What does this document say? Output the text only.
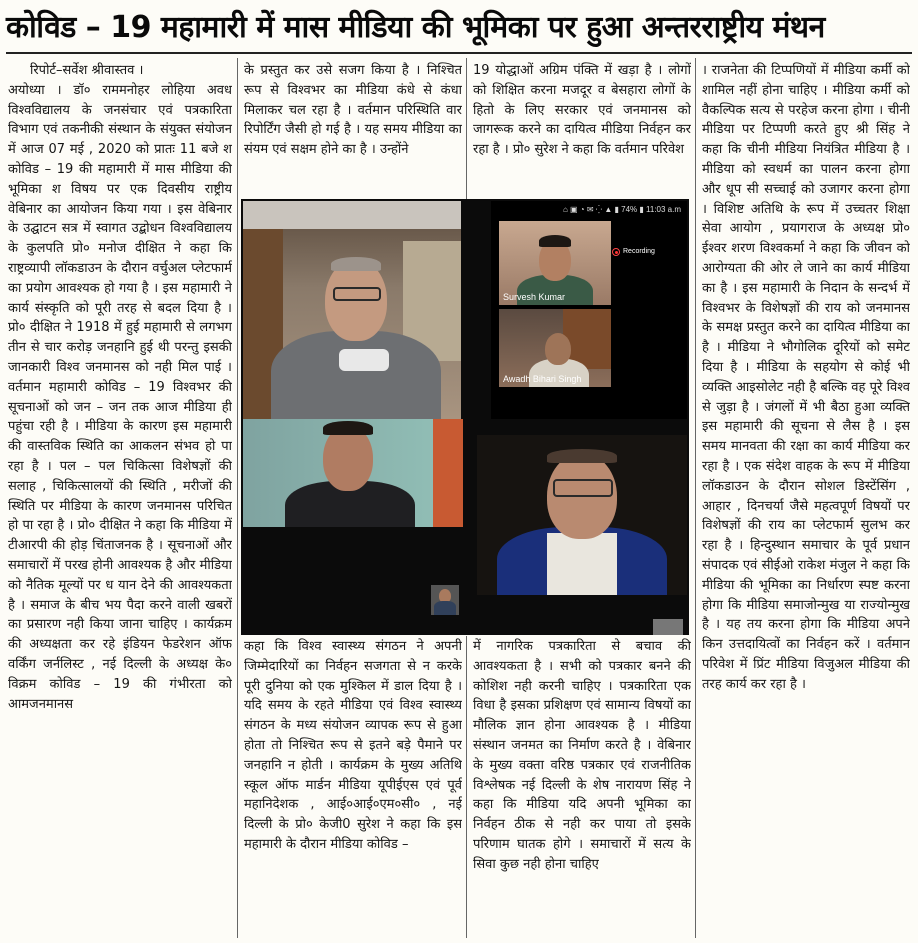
कोविड – 19 महामारी में मास मीडिया की भूमिका पर हुआ अन्तरराष्ट्रीय मंथन

रिपोर्ट–सर्वेश श्रीवास्तव ।

अयोध्या । डॉ० राममनोहर लोहिया अवध विश्वविद्यालय के जनसंचार एवं पत्रकारिता विभाग एवं तकनीकी संस्थान के संयुक्त संयोजन में आज 07 मई , 2020 को प्रातः 11 बजे श कोविड – 19 की महामारी में मास मीडिया की भूमिका श विषय पर एक दिवसीय राष्ट्रीय वेबिनार का आयोजन किया गया । इस वेबिनार के उद्घाटन सत्र में स्वागत उद्बोधन विश्वविद्यालय के कुलपति प्रो० मनोज दीक्षित ने कहा कि राष्ट्रव्यापी लॉकडाउन के दौरान वर्चुअल प्लेटफार्म का प्रयोग आवश्यक हो गया है । इस महामारी ने कार्य संस्कृति को पूरी तरह से बदल दिया है । प्रो० दीक्षित ने 1918 में हुई महामारी से लगभग तीन से चार करोड़ जनहानि हुई थी परन्तु इसकी जानकारी विश्व जनमानस को नही मिल पाई । वर्तमान महामारी कोविड – 19 विश्वभर की सूचनाओं को जन – जन तक आज मीडिया ही पहुंचा रही है । मीडिया के कारण इस महामारी की वास्तविक स्थिति का आकलन संभव हो पा रहा है । पल – पल चिकित्सा विशेषज्ञों की सलाह , चिकित्सालयों की स्थिति , मरीजों की स्थिति पर मीडिया के कारण जनमानस परिचित हो पा रहा है । प्रो० दीक्षित ने कहा कि मीडिया में टीआरपी की होड़ चिंताजनक है । सूचनाओं और समाचारों में परख होनी आवश्यक है और मीडिया को नैतिक मूल्यों पर ध यान देने की आवश्यकता है । समाज के बीच भय पैदा करने वाली खबरों का प्रसारण नही किया जाना चाहिए । कार्यक्रम की अध्यक्षता कर रहे इंडियन फेडरेशन ऑफ वर्किंग जर्नलिस्ट , नई दिल्ली के अध्यक्ष के० विक्रम कोविड – 19 की गंभीरता को आमजनमानस

के प्रस्तुत कर उसे सजग किया है । निश्चित रूप से विश्वभर का मीडिया कंधे से कंधा मिलाकर चल रहा है । वर्तमान परिस्थिति वार रिपोर्टिंग जैसी हो गई है । यह समय मीडिया का संयम एवं सक्षम होने का है । उन्होंने

19 योद्धाओं अग्रिम पंक्ति में खड़ा है । लोगों को शिक्षित करना मजदूर व बेसहारा लोगों के हितो के लिए सरकार एवं जनमानस को जागरूक करने का दायित्व मीडिया निर्वहन कर रहा है । प्रो० सुरेश ने कहा कि वर्तमान परिवेश

⌂ ▣ ◔ ✉ ⁛ ▲ ▮ 74% ▮ 11:03 a.m
Survesh Kumar
Recording
Awadh Bihari Singh

कहा कि विश्व स्वास्थ्य संगठन ने अपनी जिम्मेदारियों का निर्वहन सजगता से न करके पूरी दुनिया को एक मुश्किल में डाल दिया है । यदि समय के रहते मीडिया एवं विश्व स्वास्थ्य संगठन के मध्य संयोजन व्यापक रूप से हुआ होता तो निश्चित रूप से इतने बड़े पैमाने पर जनहानि न होती । कार्यक्रम के मुख्य अतिथि स्कूल ऑफ मार्डन मीडिया यूपीईएस एवं पूर्व महानिदेशक , आई०आई०एम०सी० , नई दिल्ली के प्रो० केजी0 सुरेश ने कहा कि इस महामारी के दौरान मीडिया कोविड –

में नागरिक पत्रकारिता से बचाव की आवश्यकता है । सभी को पत्रकार बनने की कोशिश नही करनी चाहिए । पत्रकारिता एक विधा है इसका प्रशिक्षण एवं सामान्य विषयों का मौलिक ज्ञान होना आवश्यक है । मीडिया संस्थान जनमत का निर्माण करते है । वेबिनार के मुख्य वक्ता वरिष्ठ पत्रकार एवं राजनीतिक विश्लेषक नई दिल्ली के शेष नारायण सिंह ने कहा कि मीडिया यदि अपनी भूमिका का निर्वहन ठीक से नही कर पाया तो इसके परिणाम घातक होगे । समाचारों में सत्य के सिवा कुछ नही होना चाहिए

। राजनेता की टिप्पणियों में मीडिया कर्मी को शामिल नहीं होना चाहिए । मीडिया कर्मी को वैकल्पिक सत्य से परहेज करना होगा । चीनी मीडिया पर टिप्पणी करते हुए श्री सिंह ने कहा कि चीनी मीडिया नियंत्रित मीडिया है । मीडिया को स्वधर्म का पालन करना होगा और धूप सी सच्चाई को उजागर करना होगा । विशिष्ट अतिथि के रूप में उच्चतर शिक्षा सेवा आयोग , प्रयागराज के अध्यक्ष प्रो० ईश्वर शरण विश्वकर्मा ने कहा कि जीवन को आरोग्यता की ओर ले जाने का कार्य मीडिया का है । इस महामारी के निदान के सन्दर्भ में विश्वभर के विशेषज्ञों की राय को जनमानस के समक्ष प्रस्तुत करने का दायित्व मीडिया का है । मीडिया ने भौगोलिक दूरियों को समेट दिया है । मीडिया के सहयोग से कोई भी व्यक्ति आइसोलेट नही है बल्कि वह पूरे विश्व से जुड़ा है । जंगलों में भी बैठा हुआ व्यक्ति इस महामारी की सूचना से लैस है । इस समय मानवता की रक्षा का कार्य मीडिया कर रहा है । एक संदेश वाहक के रूप में मीडिया लॉकडाउन के दौरान सोशल डिस्टेंसिंग , आहार , दिनचर्या जैसे महत्वपूर्ण विषयों पर विशेषज्ञों की राय का प्लेटफार्म सुलभ कर रहा है । हिन्दुस्थान समाचार के पूर्व प्रधान संपादक एवं सीईओ राकेश मंजुल ने कहा कि मीडिया की भूमिका का निर्धारण स्पष्ट करना होगा कि मीडिया समाजोन्मुख या राज्योन्मुख है । यह तय करना होगा कि मीडिया अपने किन उत्तदायित्वों का निर्वहन करें । वर्तमान परिवेश में प्रिंट मीडिया विजुअल मीडिया की तरह कार्य कर रहा है ।
